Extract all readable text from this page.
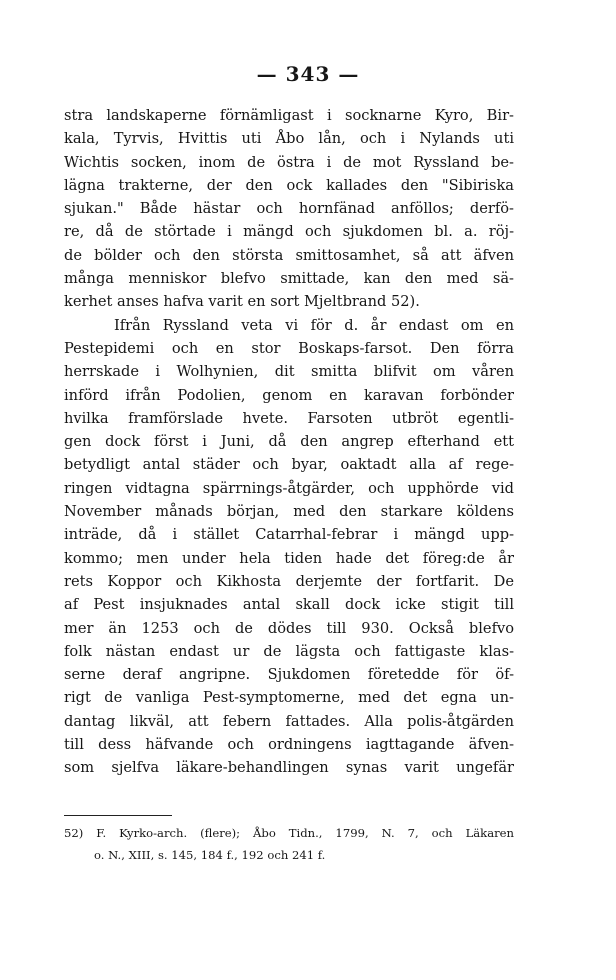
— 343 —
stra landskaperne förnämligast i socknarne Kyro, Bir-
kala, Tyrvis, Hvittis uti Åbo lån, och i Nylands uti
Wichtis socken, inom de östra i de mot Ryssland be-
lägna trakterne, der den ock kallades den "Sibiriska
sjukan." Både hästar och hornfänad anföllos; derfö-
re, då de störtade i mängd och sjukdomen bl. a. röj-
de bölder och den största smittosamhet, så att äfven
många menniskor blefvo smittade, kan den med sä-
kerhet anses hafva varit en sort Mjeltbrand 52).
Ifrån Ryssland veta vi för d. år endast om en
Pestepidemi och en stor Boskaps-farsot. Den förra
herrskade i Wolhynien, dit smitta blifvit om våren
införd ifrån Podolien, genom en karavan forbönder
hvilka framförslade hvete. Farsoten utbröt egentli-
gen dock först i Juni, då den angrep efterhand ett
betydligt antal städer och byar, oaktadt alla af rege-
ringen vidtagna spärrnings-åtgärder, och upphörde vid
November månads början, med den starkare köldens
inträde, då i stället Catarrhal-febrar i mängd upp-
kommo; men under hela tiden hade det föreg:de år
rets Koppor och Kikhosta derjemte der fortfarit. De
af Pest insjuknades antal skall dock icke stigit till
mer än 1253 och de dödes till 930. Också blefvo
folk nästan endast ur de lägsta och fattigaste klas-
serne deraf angripne. Sjukdomen företedde för öf-
rigt de vanliga Pest-symptomerne, med det egna un-
dantag likväl, att febern fattades. Alla polis-åtgärden
till dess häfvande och ordningens iagttagande äfven-
som sjelfva läkare-behandlingen synas varit ungefär
52) F. Kyrko-arch. (flere); Åbo Tidn., 1799, N. 7, och Läkaren
o. N., XIII, s. 145, 184 f., 192 och 241 f.
